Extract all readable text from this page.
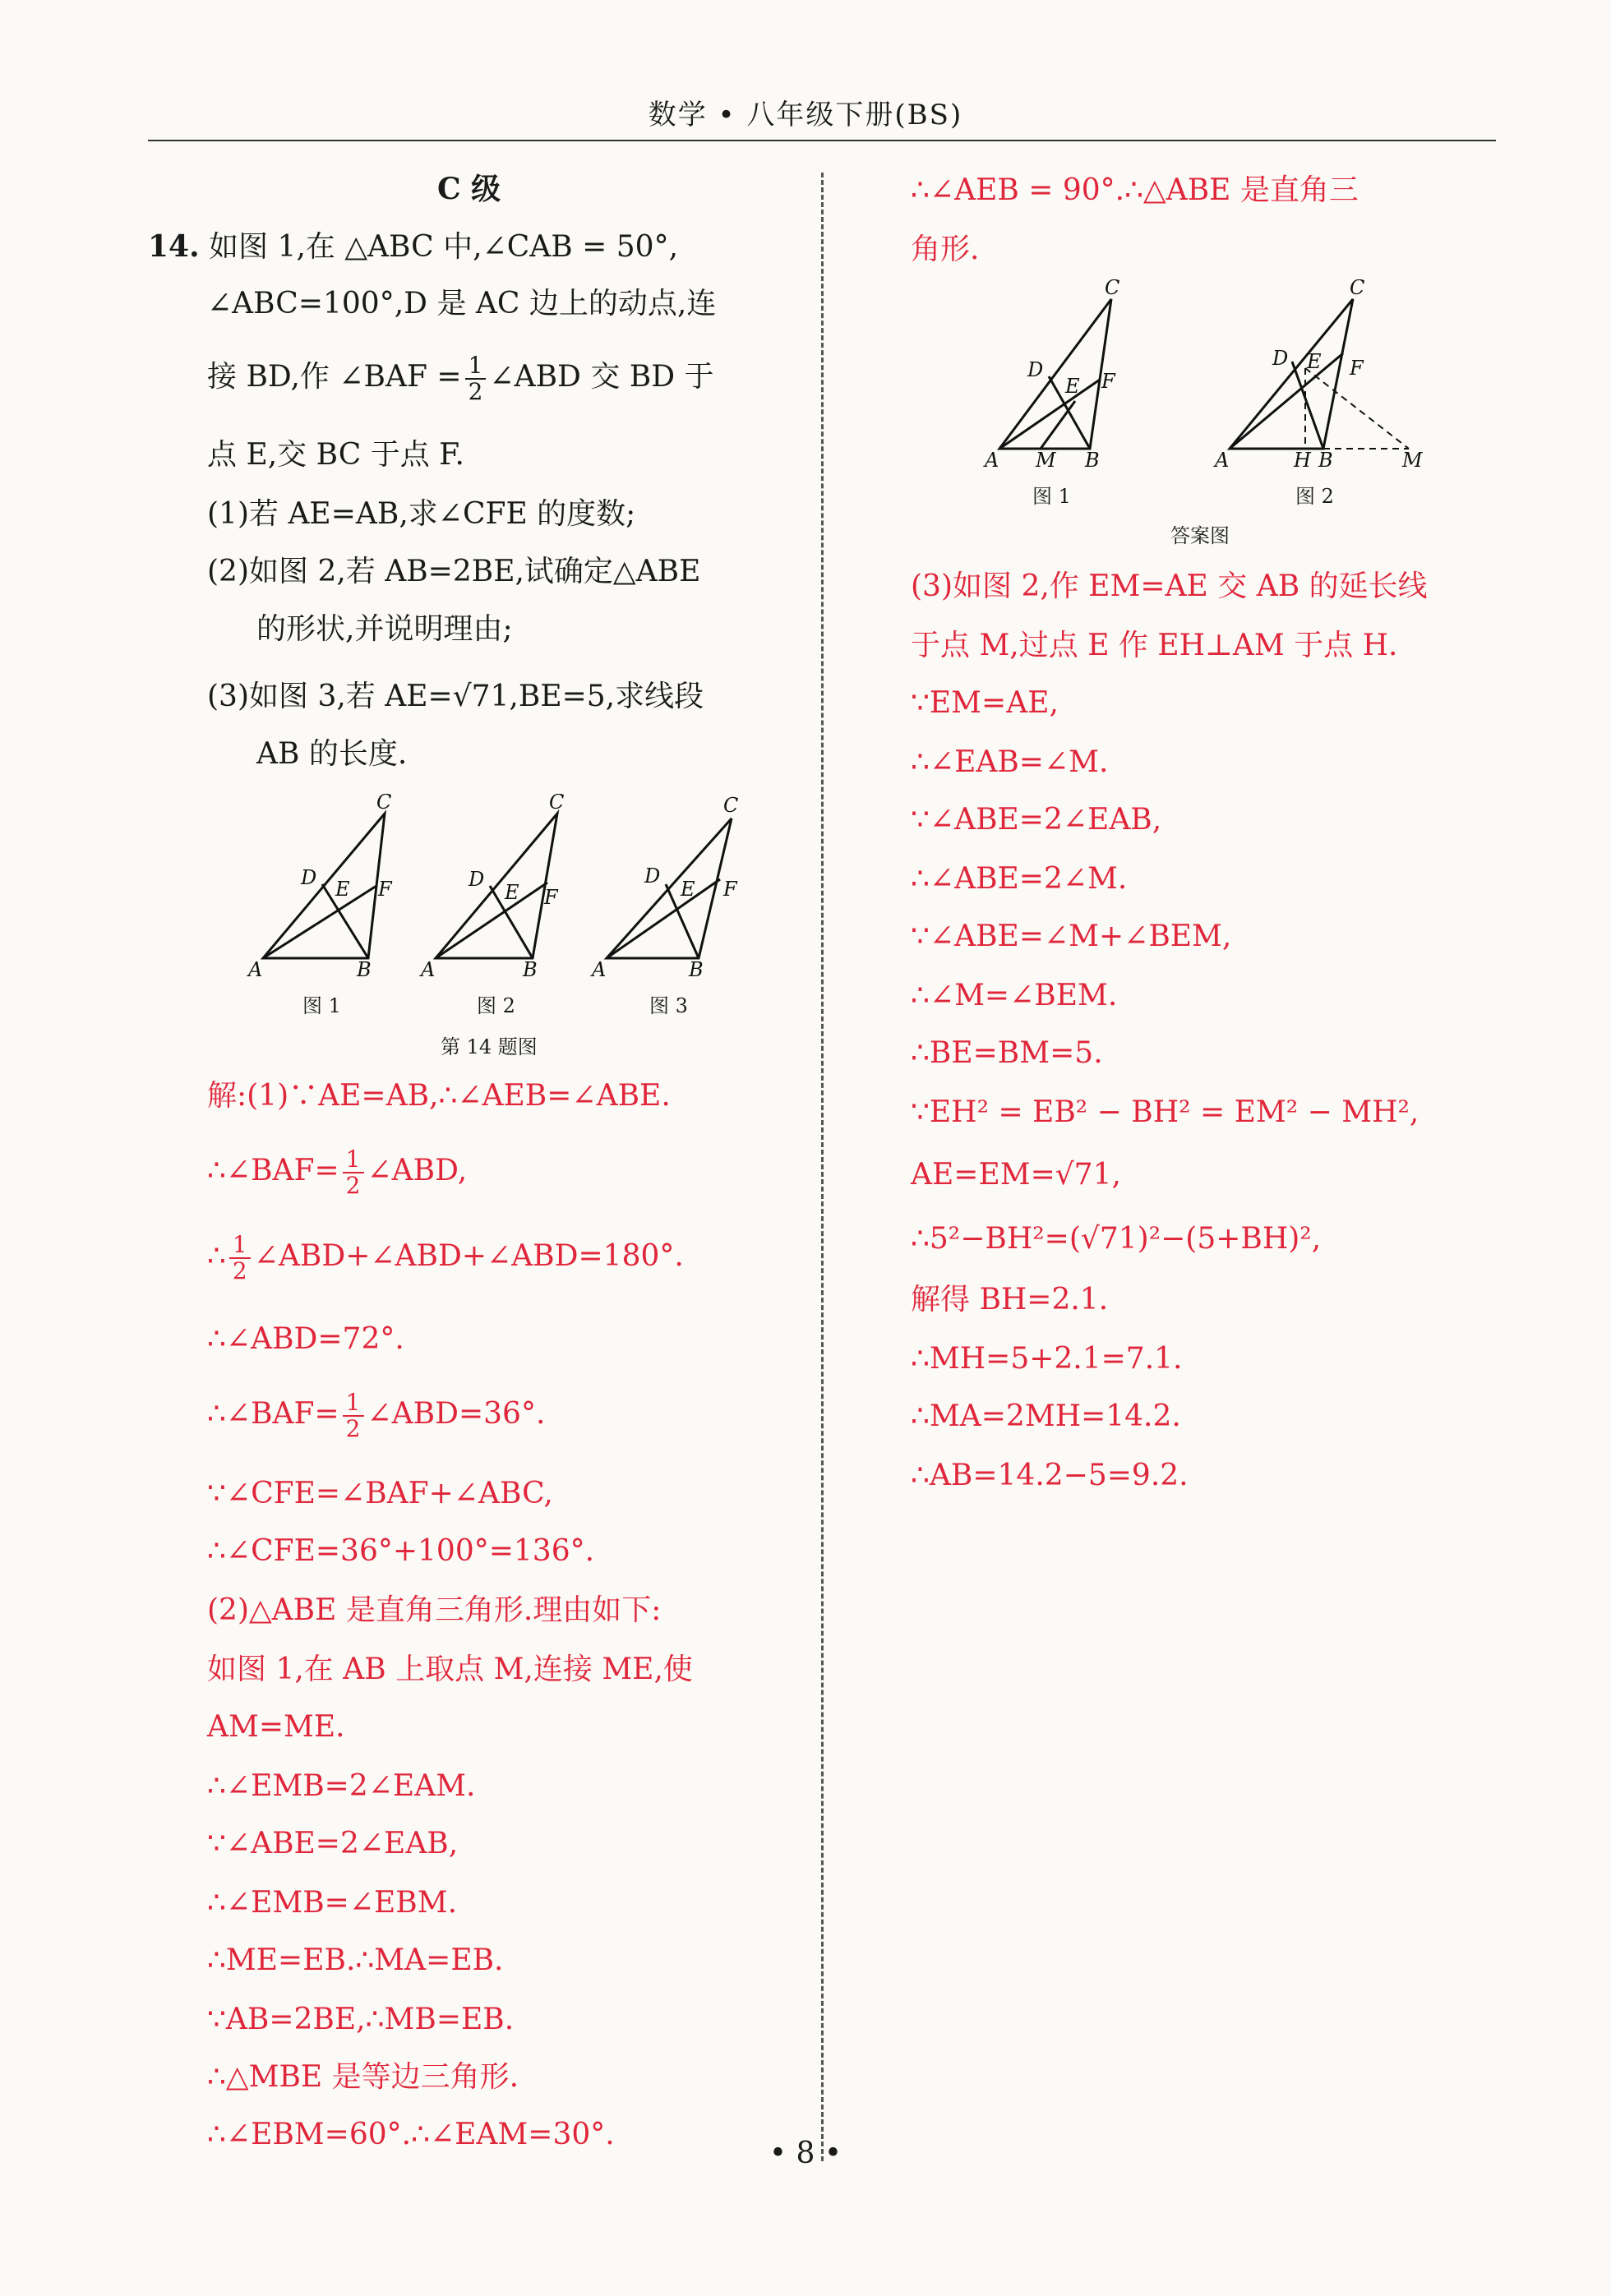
数学 • 八年级下册(BS)
C 级
14. 如图 1,在 △ABC 中,∠CAB = 50°,
∠ABC=100°,D 是 AC 边上的动点,连
接 BD,作 ∠BAF = $\frac{1}{2}$ ∠ABD 交 BD 于
点 E,交 BC 于点 F.
(1)若 AE=AB,求∠CFE 的度数;
(2)如图 2,若 AB=2BE,试确定△ABE
的形状,并说明理由;
(3)如图 3,若 AE=√71,BE=5,求线段
AB 的长度.
A	B
C
D E F
A	B
C
D
E F
A	B
C
D
E F
图 1	图 2	图 3
第 14 题图
解:(1)∵AE=AB,∴∠AEB=∠ABE.
∴∠BAF= $\frac{1}{2}$ ∠ABD,
∴ $\frac{1}{2}$ ∠ABD+∠ABD+∠ABD=180°.
∴∠ABD=72°.
∴∠BAF= $\frac{1}{2}$ ∠ABD=36°.
∵∠CFE=∠BAF+∠ABC,
∴∠CFE=36°+100°=136°.
(2)△ABE 是直角三角形.理由如下:
如图 1,在 AB 上取点 M,连接 ME,使
AM=ME.
∴∠EMB=2∠EAM.
∵∠ABE=2∠EAB,
∴∠EMB=∠EBM.
∴ME=EB.∴MA=EB.
∵AB=2BE,∴MB=EB.
∴△MBE 是等边三角形.
∴∠EBM=60°.∴∠EAM=30°.
∴∠AEB = 90°.∴△ABE 是直角三
角形.
A M B
C
D
E F
A	H B	M
C
D E F
图 1	图 2
答案图
(3)如图 2,作 EM=AE 交 AB 的延长线
于点 M,过点 E 作 EH⊥AM 于点 H.
∵EM=AE,
∴∠EAB=∠M.
∵∠ABE=2∠EAB,
∴∠ABE=2∠M.
∵∠ABE=∠M+∠BEM,
∴∠M=∠BEM.
∴BE=BM=5.
∵EH² = EB² − BH² = EM² − MH²,
AE=EM=√71,
∴5²−BH²=(√71)²−(5+BH)²,
解得 BH=2.1.
∴MH=5+2.1=7.1.
∴MA=2MH=14.2.
∴AB=14.2−5=9.2.
• 8 •
